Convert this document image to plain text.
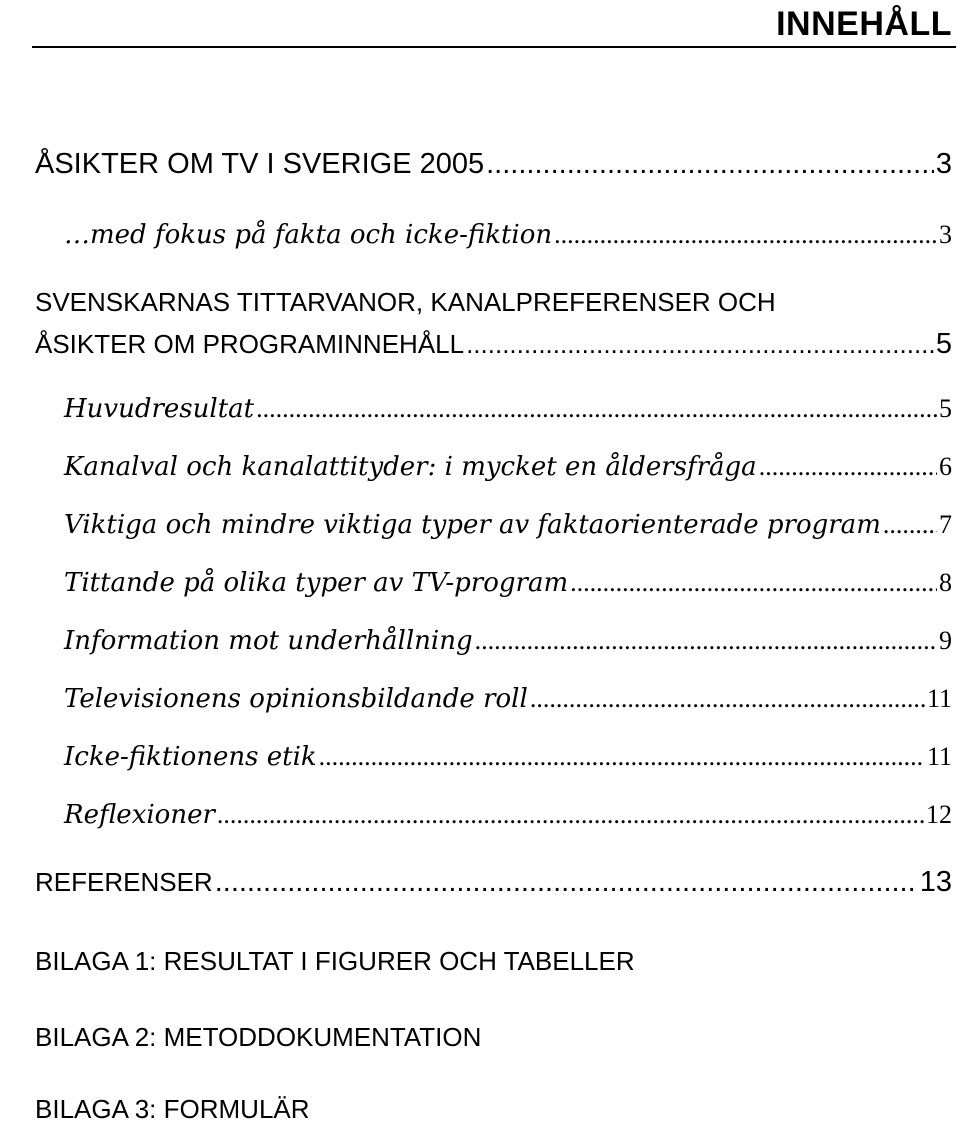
INNEHÅLL
ÅSIKTER OM TV I SVERIGE 2005 .....	3
…med fokus på fakta och icke-fiktion .....	3
SVENSKARNAS TITTARVANOR, KANALPREFERENSER OCH
ÅSIKTER OM PROGRAMINNEHÅLL .....	5
Huvudresultat .....	5
Kanalval och kanalattityder: i mycket en åldersfråga .....	6
Viktiga och mindre viktiga typer av faktaorienterade program ..... 7
Tittande på olika typer av TV-program .....	8
Information mot underhållning .....	9
Televisionens opinionsbildande roll .....	11
Icke-fiktionens etik .....	11
Reflexioner .....	12
REFERENSER .....	13
BILAGA 1: RESULTAT I FIGURER OCH TABELLER
BILAGA 2: METODDOKUMENTATION
BILAGA 3: FORMULÄR
